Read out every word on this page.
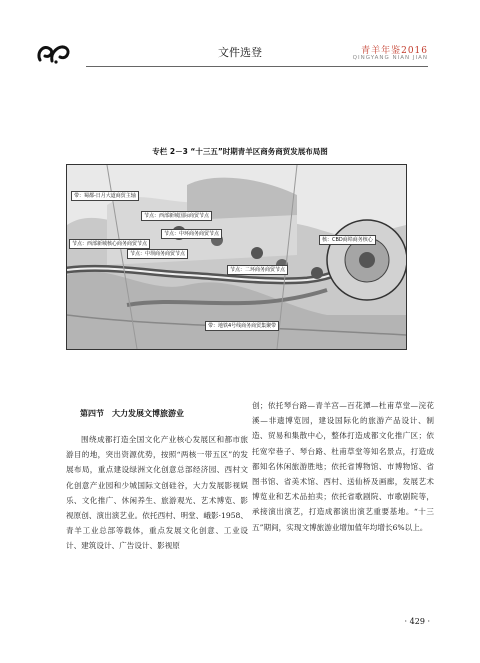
文件选登	青羊年鉴2016
QINGYANG NIAN JIAN
专栏 2－3 “十三五”时期青羊区商务商贸发展布局图
带：蜀都-日月大道商贸主轴
节点：西部新城国际商贸节点
节点：西部新城核心商务商贸节点
节点：中环商务商贸节点
节点：中坝商务商贸节点
节点：二环商务商贸节点
核：CBD商埠商务核心
带：地铁4号线商务商贸集聚带
第四节　大力发展文博旅游业

围绕成都打造全国文化产业核心发展区和都市旅游目的地，突出资源优势，按照“两核一带五区”的发展布局，重点建设绿洲文化创意总部经济园、西村文化创意产业园和少城国际文创硅谷，大力发展影视娱乐、文化推广、休闲养生、旅游观光、艺术博览、影视原创、演出演艺业。依托西村、明堂、峨影·1958、青羊工业总部等载体，重点发展文化创意、工业设计、建筑设计、广告设计、影视原

创；依托琴台路—青羊宫—百花潭—杜甫草堂—浣花溪—非遗博览园，建设国际化的旅游产品设计、制造、贸易和集散中心，整体打造成都文化推广区；依托宽窄巷子、琴台路、杜甫草堂等知名景点，打造成都知名休闲旅游胜地；依托省博物馆、市博物馆、省图书馆、省美术馆、西村、送仙桥及画廊，发展艺术博览业和艺术品拍卖；依托省歌剧院、市歌剧院等，承接演出演艺，打造成都演出演艺重要基地。“十三五”期间，实现文博旅游业增加值年均增长6%以上。

· 429 ·
